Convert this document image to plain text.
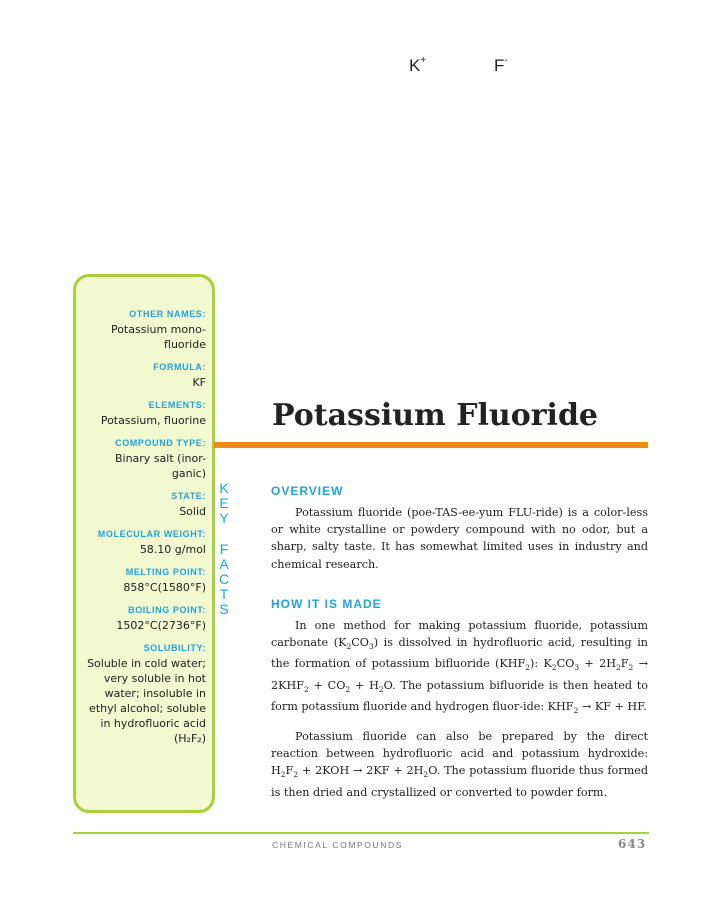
K+	F-
OTHER NAMES:
Potassium mono-
fluoride
FORMULA:
KF
ELEMENTS:
Potassium, fluorine
COMPOUND TYPE:
Binary salt (inor-
ganic)
STATE:
Solid
MOLECULAR WEIGHT:
58.10 g/mol
MELTING POINT:
858°C(1580°F)
BOILING POINT:
1502°C(2736°F)
SOLUBILITY:
Soluble in cold water;
very soluble in hot
water; insoluble in
ethyl alcohol; soluble
in hydrofluoric acid
(H₂F₂)
K
E
Y

F
A
C
T
S
Potassium Fluoride
OVERVIEW

Potassium fluoride (poe-TAS-ee-yum FLU-ride) is a color-less or white crystalline or powdery compound with no odor, but a sharp, salty taste. It has somewhat limited uses in industry and chemical research.

HOW IT IS MADE

In one method for making potassium fluoride, potassium carbonate $(K_2CO_3)$ is dissolved in hydrofluoric acid, resulting in the formation of potassium bifluoride $(KHF_2)$: $K_2CO_3 + 2H_2F_2 \to 2KHF_2 + CO_2 + H_2O$. The potassium bifluoride is then heated to form potassium fluoride and hydrogen fluor-ide: $KHF_2$ → KF + HF.

Potassium fluoride can also be prepared by the direct reaction between hydrofluoric acid and potassium hydroxide: $H_2F_2 + 2KOH \to 2KF + 2H_2O$. The potassium fluoride thus formed is then dried and crystallized or converted to powder form.

CHEMICAL COMPOUNDS	643
